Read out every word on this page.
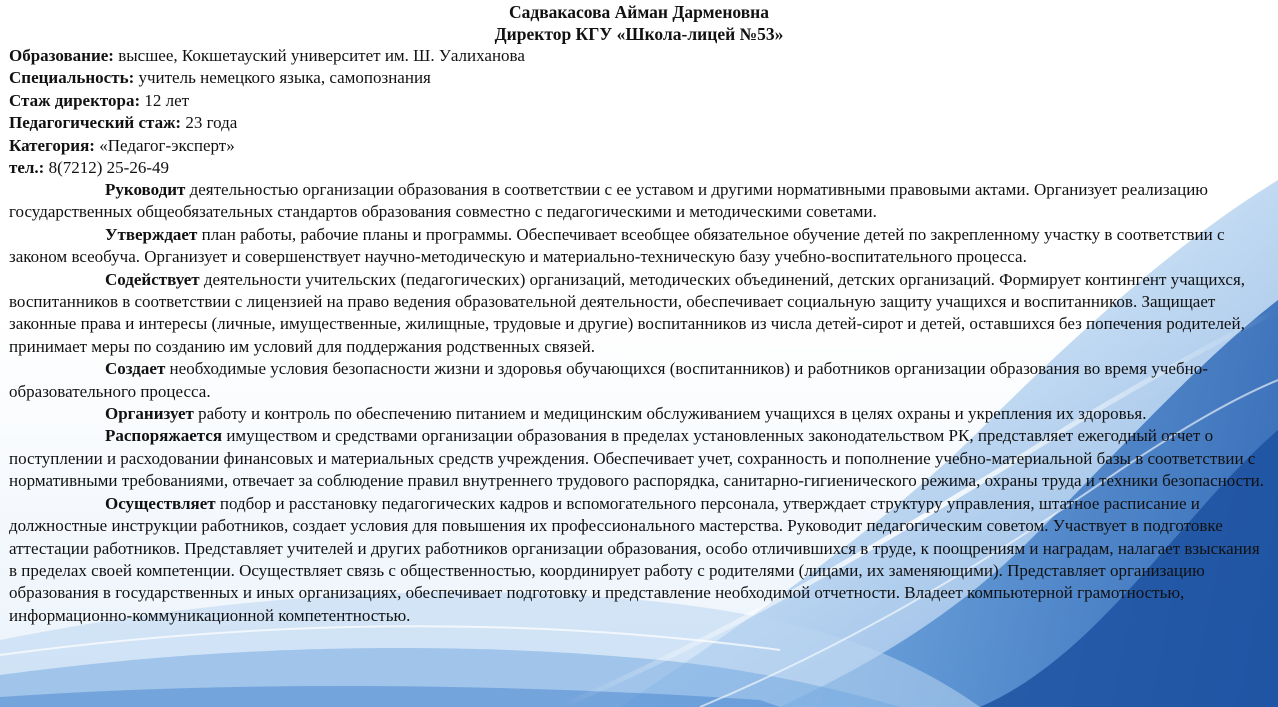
Садвакасова Айман Дарменовна
Директор КГУ «Школа-лицей №53»
Образование: высшее, Кокшетауский университет им. Ш. Уалиханова
Специальность: учитель немецкого языка, самопознания
Стаж директора: 12 лет
Педагогический стаж: 23 года
Категория: «Педагог-эксперт»
тел.: 8(7212) 25-26-49

Руководит деятельностью организации образования в соответствии с ее уставом и другими нормативными правовыми актами. Организует реализацию государственных общеобязательных стандартов образования совместно с педагогическими и методическими советами.

Утверждает план работы, рабочие планы и программы. Обеспечивает всеобщее обязательное обучение детей по закрепленному участку в соответствии с законом всеобуча. Организует и совершенствует научно-методическую и материально-техническую базу учебно-воспитательного процесса.

Содействует деятельности учительских (педагогических) организаций, методических объединений, детских организаций. Формирует контингент учащихся, воспитанников в соответствии с лицензией на право ведения образовательной деятельности, обеспечивает социальную защиту учащихся и воспитанников. Защищает законные права и интересы (личные, имущественные, жилищные, трудовые и другие) воспитанников из числа детей-сирот и детей, оставшихся без попечения родителей, принимает меры по созданию им условий для поддержания родственных связей.

Создает необходимые условия безопасности жизни и здоровья обучающихся (воспитанников) и работников организации образования во время учебно-образовательного процесса.

Организует работу и контроль по обеспечению питанием и медицинским обслуживанием учащихся в целях охраны и укрепления их здоровья.

Распоряжается имуществом и средствами организации образования в пределах установленных законодательством РК, представляет ежегодный отчет о поступлении и расходовании финансовых и материальных средств учреждения. Обеспечивает учет, сохранность и пополнение учебно-материальной базы в соответствии с нормативными требованиями, отвечает за соблюдение правил внутреннего трудового распорядка, санитарно-гигиенического режима, охраны труда и техники безопасности.

Осуществляет подбор и расстановку педагогических кадров и вспомогательного персонала, утверждает структуру управления, штатное расписание и должностные инструкции работников, создает условия для повышения их профессионального мастерства. Руководит педагогическим советом. Участвует в подготовке аттестации работников. Представляет учителей и других работников организации образования, особо отличившихся в труде, к поощрениям и наградам, налагает взыскания в пределах своей компетенции. Осуществляет связь с общественностью, координирует работу с родителями (лицами, их заменяющими). Представляет организацию образования в государственных и иных организациях, обеспечивает подготовку и представление необходимой отчетности. Владеет компьютерной грамотностью, информационно-коммуникационной компетентностью.
